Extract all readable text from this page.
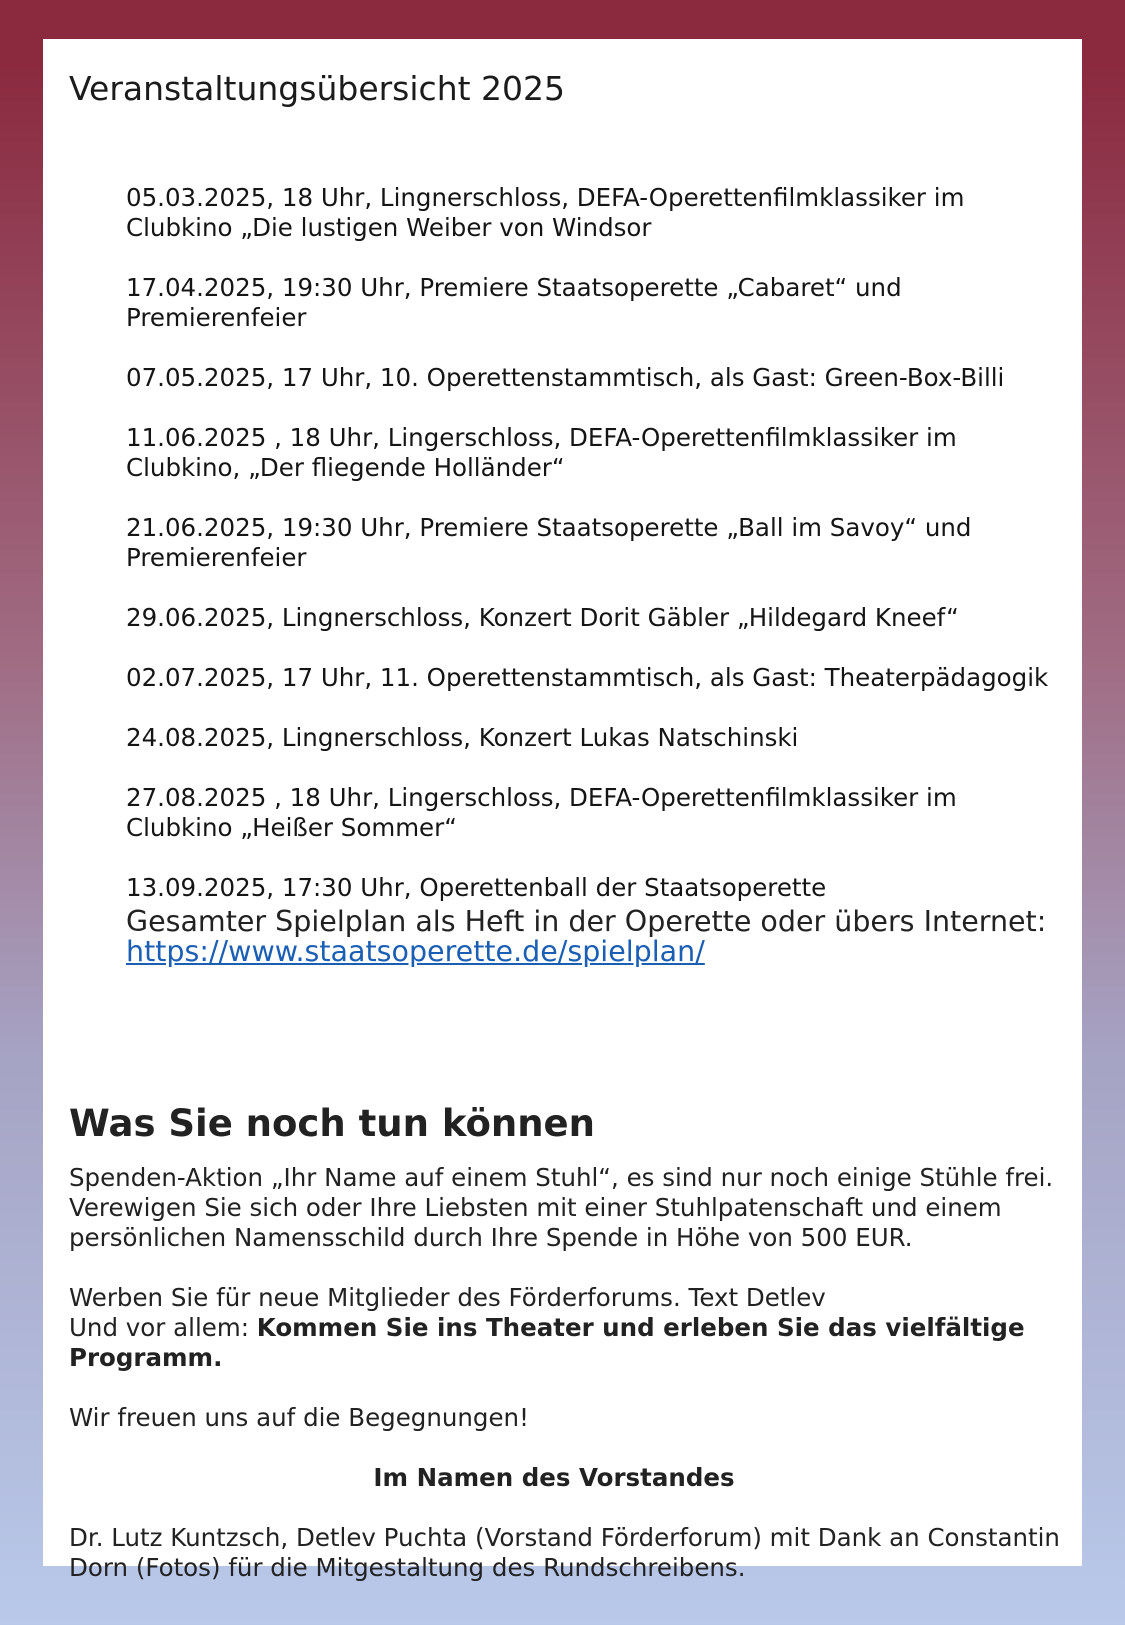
Veranstaltungsübersicht 2025
05.03.2025, 18 Uhr, Lingnerschloss, DEFA-Operettenfilmklassiker im Clubkino „Die lustigen Weiber von Windsor
17.04.2025, 19:30 Uhr, Premiere Staatsoperette „Cabaret“ und Premierenfeier
07.05.2025, 17 Uhr, 10. Operettenstammtisch, als Gast: Green-Box-Billi
11.06.2025 , 18 Uhr, Lingerschloss, DEFA-Operettenfilmklassiker im Clubkino, „Der fliegende Holländer“
21.06.2025, 19:30 Uhr, Premiere Staatsoperette „Ball im Savoy“ und Premierenfeier
29.06.2025, Lingnerschloss, Konzert Dorit Gäbler „Hildegard Kneef“
02.07.2025, 17 Uhr, 11. Operettenstammtisch, als Gast: Theaterpädagogik
24.08.2025, Lingnerschloss, Konzert Lukas Natschinski
27.08.2025 , 18 Uhr, Lingerschloss, DEFA-Operettenfilmklassiker im Clubkino „Heißer Sommer“
13.09.2025, 17:30 Uhr, Operettenball der Staatsoperette

Gesamter Spielplan als Heft in der Operette oder übers Internet: https://www.staatsoperette.de/spielplan/

Was Sie noch tun können

Spenden-Aktion „Ihr Name auf einem Stuhl“, es sind nur noch einige Stühle frei. Verewigen Sie sich oder Ihre Liebsten mit einer Stuhlpatenschaft und einem persönlichen Namensschild durch Ihre Spende in Höhe von 500 EUR.

Werben Sie für neue Mitglieder des Förderforums. Text Detlev

Und vor allem: Kommen Sie ins Theater und erleben Sie das vielfältige Programm.

Wir freuen uns auf die Begegnungen!

Im Namen des Vorstandes

Dr. Lutz Kuntzsch, Detlev Puchta (Vorstand Förderforum) mit Dank an Constantin Dorn (Fotos) für die Mitgestaltung des Rundschreibens.
